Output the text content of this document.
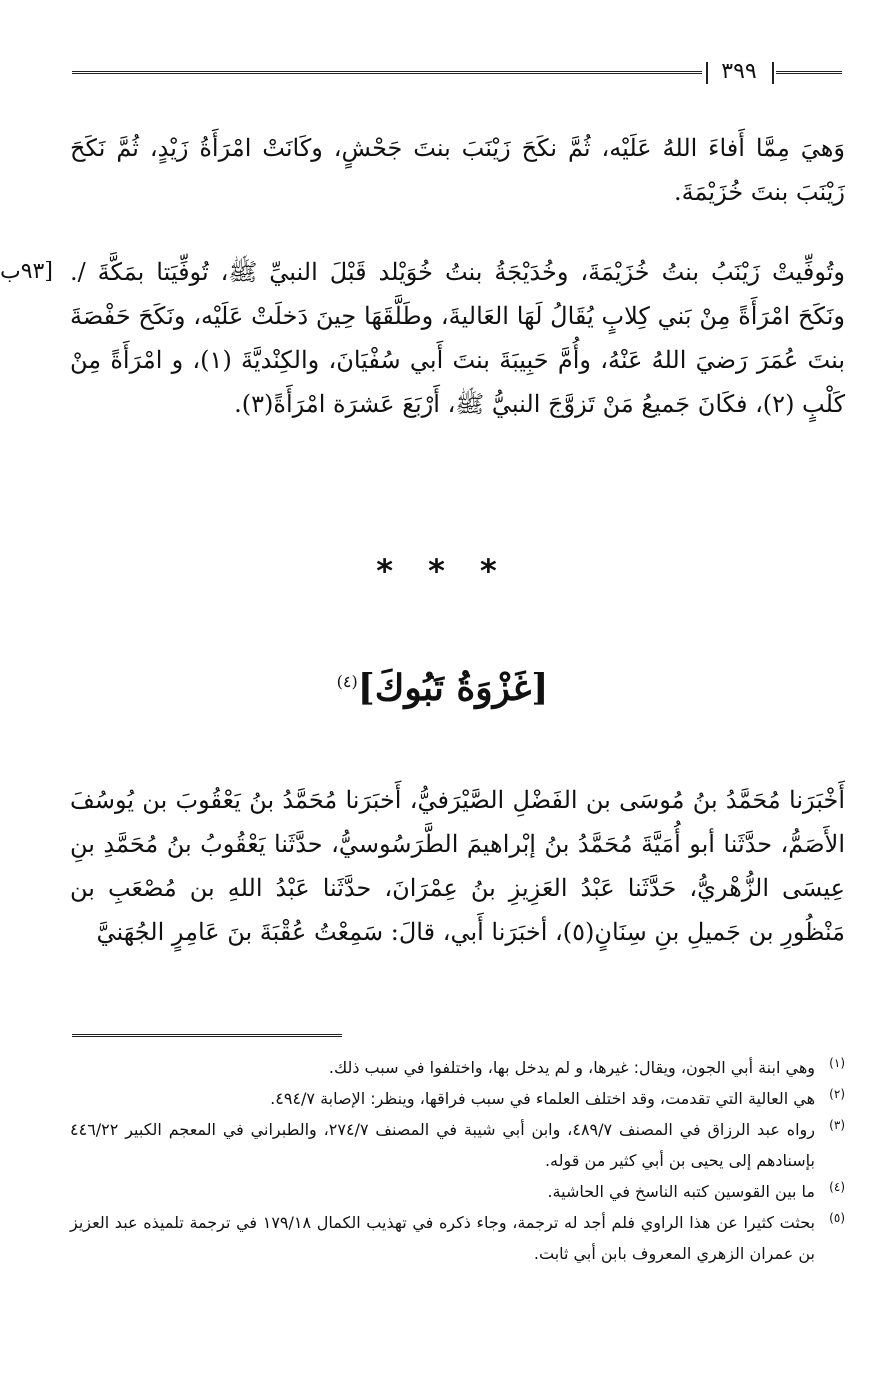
٣٩٩
وَهيَ مِمَّا أَفاءَ اللهُ عَلَيْه، ثُمَّ نكَحَ زَيْنَبَ بنتَ جَحْشٍ، وكَانَتْ امْرَأَةُ زَيْدٍ، ثُمَّ نَكَحَ زَيْنَبَ بنتَ خُزَيْمَةَ.
[٩٣ب وتُوفِّيتْ زَيْنَبُ بنتُ خُزَيْمَةَ، وخُدَيْجَةُ بنتُ خُوَيْلد قَبْلَ النبيِّ ﷺ، تُوفِّيَتا بمَكَّةَ /. ونَكَحَ امْرَأَةً مِنْ بَني كِلابٍ يُقَالُ لَهَا العَاليةَ، وطَلَّقَهَا حِينَ دَخلَتْ عَلَيْه، ونَكَحَ حَفْصَةَ بنتَ عُمَرَ رَضيَ اللهُ عَنْهُ، وأُمَّ حَبِيبَةَ بنتَ أَبي سُفْيَانَ، والكِنْديَّةَ (١)، و امْرَأَةً مِنْ كَلْبٍ (٢)، فكَانَ جَميعُ مَنْ تَزوَّجَ النبيُّ ﷺ، أَرْبَعَ عَشرَة امْرَأَةً(٣).
* * *
[غَزْوَةُ تَبُوكَ]$^{(٤)}$
أَخْبَرَنا مُحَمَّدُ بنُ مُوسَى بن الفَضْلِ الصَّيْرَفيُّ، أَخبَرَنا مُحَمَّدُ بنُ يَعْقُوبَ بن يُوسُفَ الأَصَمُّ، حدَّثَنا أبو أُمَيَّةَ مُحَمَّدُ بنُ إبْراهيمَ الطَّرَسُوسيُّ، حدَّثَنا يَعْقُوبُ بنُ مُحَمَّدِ بنِ عِيسَى الزُّهْريُّ، حَدَّثَنا عَبْدُ العَزِيزِ بنُ عِمْرَانَ، حدَّثَنا عَبْدُ اللهِ بن مُصْعَبِ بن مَنْظُورِ بن جَميلِ بنِ سِنَانٍ(٥)، أخبَرَنا أَبي، قالَ: سَمِعْتُ عُقْبَةَ بنَ عَامِرٍ الجُهَنيَّ
(١)
وهي ابنة أبي الجون، ويقال: غيرها، و لم يدخل بها، واختلفوا في سبب ذلك.
(٢)
هي العالية التي تقدمت، وقد اختلف العلماء في سبب فراقها، وينظر: الإصابة ٤٩٤/٧.
(٣)
رواه عبد الرزاق في المصنف ٤٨٩/٧، وابن أبي شيبة في المصنف ٢٧٤/٧، والطبراني في المعجم الكبير ٤٤٦/٢٢ بإسنادهم إلى يحيى بن أبي كثير من قوله.
(٤)
ما بين القوسين كتبه الناسخ في الحاشية.
(٥)
بحثت كثيرا عن هذا الراوي فلم أجد له ترجمة، وجاء ذكره في تهذيب الكمال ١٧٩/١٨ في ترجمة تلميذه عبد العزيز بن عمران الزهري المعروف بابن أبي ثابت.
